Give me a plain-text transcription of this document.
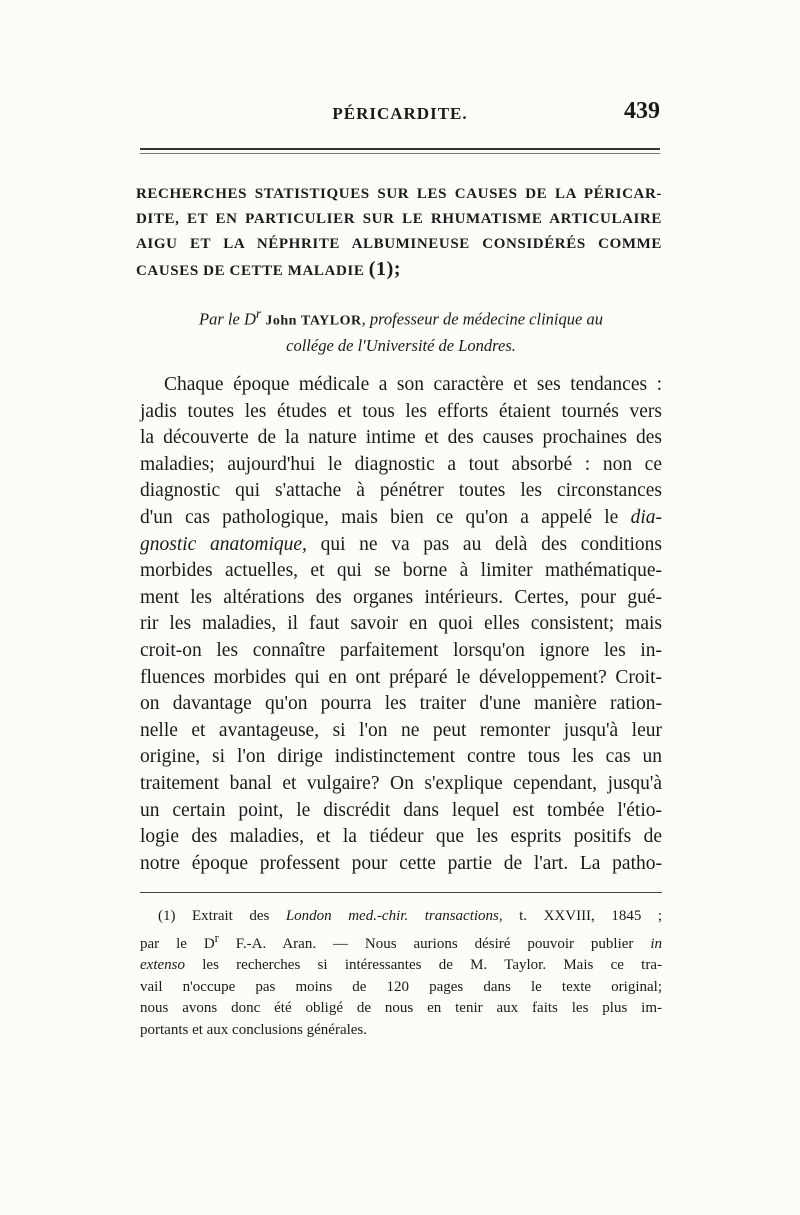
PÉRICARDITE.	439
RECHERCHES STATISTIQUES SUR LES CAUSES DE LA PÉRICAR-
DITE, ET EN PARTICULIER SUR LE RHUMATISME ARTICULAIRE
AIGU ET LA NÉPHRITE ALBUMINEUSE CONSIDÉRÉS COMME
CAUSES DE CETTE MALADIE (1);
Par le $D^r$ John TAYLOR, professeur de médecine clinique au
collége de l'Université de Londres.
Chaque époque médicale a son caractère et ses tendances :
jadis toutes les études et tous les efforts étaient tournés vers
la découverte de la nature intime et des causes prochaines des
maladies; aujourd'hui le diagnostic a tout absorbé : non ce
diagnostic qui s'attache à pénétrer toutes les circonstances
d'un cas pathologique, mais bien ce qu'on a appelé le dia-
gnostic anatomique, qui ne va pas au delà des conditions
morbides actuelles, et qui se borne à limiter mathématique-
ment les altérations des organes intérieurs. Certes, pour gué-
rir les maladies, il faut savoir en quoi elles consistent; mais
croit-on les connaître parfaitement lorsqu'on ignore les in-
fluences morbides qui en ont préparé le développement? Croit-
on davantage qu'on pourra les traiter d'une manière ration-
nelle et avantageuse, si l'on ne peut remonter jusqu'à leur
origine, si l'on dirige indistinctement contre tous les cas un
traitement banal et vulgaire? On s'explique cependant, jusqu'à
un certain point, le discrédit dans lequel est tombée l'étio-
logie des maladies, et la tiédeur que les esprits positifs de
notre époque professent pour cette partie de l'art. La patho-
(1) Extrait des London med.-chir. transactions, t. XXVIII, 1845 ;
par le $D^r$ F.-A. Aran. — Nous aurions désiré pouvoir publier in
extenso les recherches si intéressantes de M. Taylor. Mais ce tra-
vail n'occupe pas moins de 120 pages dans le texte original;
nous avons donc été obligé de nous en tenir aux faits les plus im-
portants et aux conclusions générales.
